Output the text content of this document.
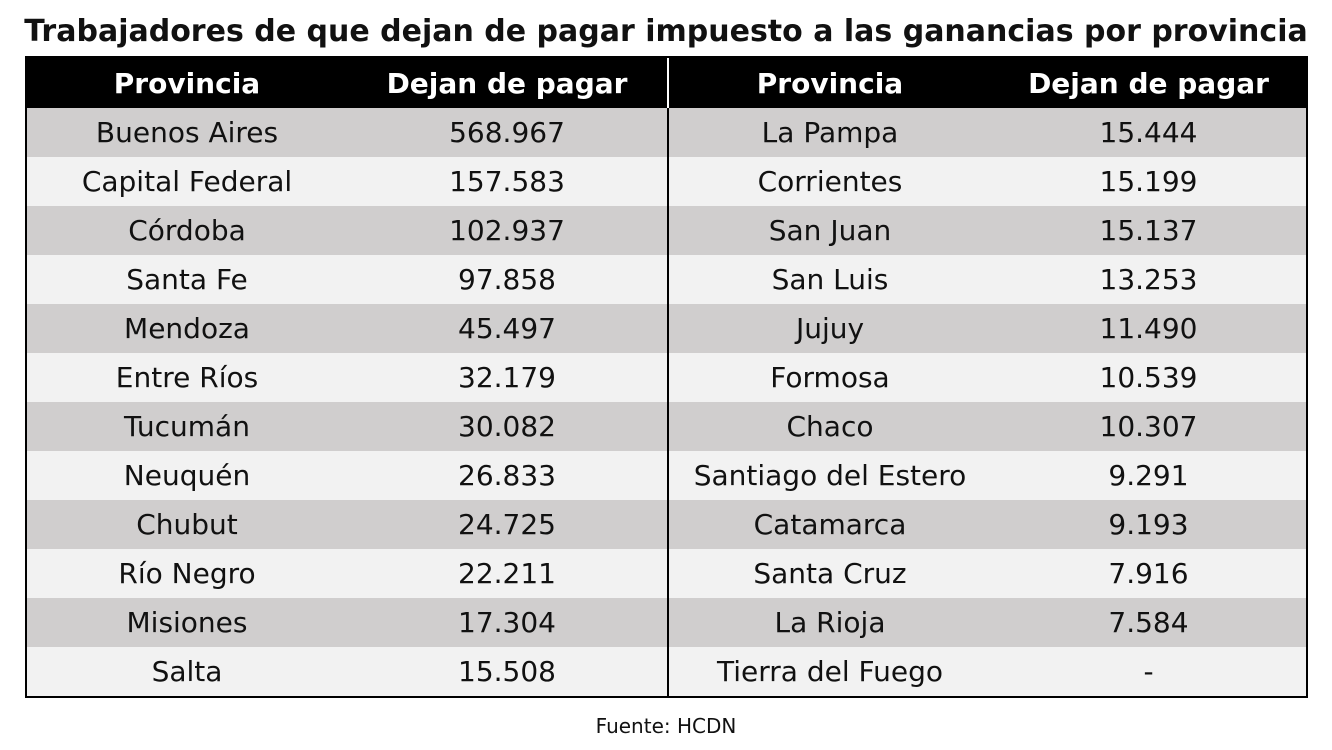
Trabajadores de que dejan de pagar impuesto a las ganancias por provincia
Provincia	Dejan de pagar
Buenos Aires	568.967
Capital Federal	157.583
Córdoba	102.937
Santa Fe	97.858
Mendoza	45.497
Entre Ríos	32.179
Tucumán	30.082
Neuquén	26.833
Chubut	24.725
Río Negro	22.211
Misiones	17.304
Salta	15.508
Provincia	Dejan de pagar
La Pampa	15.444
Corrientes	15.199
San Juan	15.137
San Luis	13.253
Jujuy	11.490
Formosa	10.539
Chaco	10.307
Santiago del Estero	9.291
Catamarca	9.193
Santa Cruz	7.916
La Rioja	7.584
Tierra del Fuego	-
Fuente: HCDN
